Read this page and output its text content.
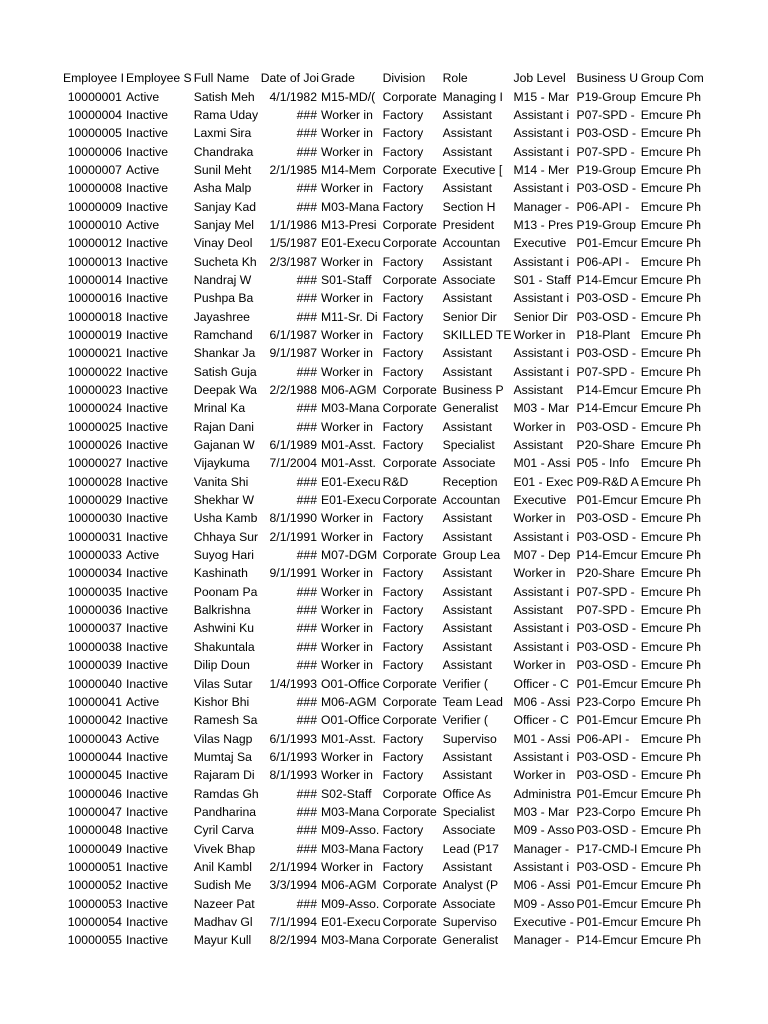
Employee I	Employee S	Full Name	Date of Joi	Grade	Division	Role	Job Level	Business U	Group Com
10000001	Active	Satish Meh	4/1/1982	M15-MD/(	Corporate	Managing I	M15 - Mar	P19-Group	Emcure Ph
10000004	Inactive	Rama Uday	###	Worker in	Factory	Assistant	Assistant i	P07-SPD -	Emcure Ph
10000005	Inactive	Laxmi Sira	###	Worker in	Factory	Assistant	Assistant i	P03-OSD -	Emcure Ph
10000006	Inactive	Chandraka	###	Worker in	Factory	Assistant	Assistant i	P07-SPD -	Emcure Ph
10000007	Active	Sunil Meht	2/1/1985	M14-Mem	Corporate	Executive [	M14 - Mer	P19-Group	Emcure Ph
10000008	Inactive	Asha Malp	###	Worker in	Factory	Assistant	Assistant i	P03-OSD -	Emcure Ph
10000009	Inactive	Sanjay Kad	###	M03-Mana	Factory	Section H	Manager -	P06-API -	Emcure Ph
10000010	Active	Sanjay Mel	1/1/1986	M13-Presi	Corporate	President	M13 - Pres	P19-Group	Emcure Ph
10000012	Inactive	Vinay Deol	1/5/1987	E01-Execu	Corporate	Accountan	Executive	P01-Emcur	Emcure Ph
10000013	Inactive	Sucheta Kh	2/3/1987	Worker in	Factory	Assistant	Assistant i	P06-API -	Emcure Ph
10000014	Inactive	Nandraj W	###	S01-Staff	Corporate	Associate	S01 - Staff	P14-Emcur	Emcure Ph
10000016	Inactive	Pushpa Ba	###	Worker in	Factory	Assistant	Assistant i	P03-OSD -	Emcure Ph
10000018	Inactive	Jayashree	###	M11-Sr. Di	Factory	Senior Dir	Senior Dir	P03-OSD -	Emcure Ph
10000019	Inactive	Ramchand	6/1/1987	Worker in	Factory	SKILLED TE	Worker in	P18-Plant	Emcure Ph
10000021	Inactive	Shankar Ja	9/1/1987	Worker in	Factory	Assistant	Assistant i	P03-OSD -	Emcure Ph
10000022	Inactive	Satish Guja	###	Worker in	Factory	Assistant	Assistant i	P07-SPD -	Emcure Ph
10000023	Inactive	Deepak Wa	2/2/1988	M06-AGM	Corporate	Business P	Assistant	P14-Emcur	Emcure Ph
10000024	Inactive	Mrinal Ka	###	M03-Mana	Corporate	Generalist	M03 - Mar	P14-Emcur	Emcure Ph
10000025	Inactive	Rajan Dani	###	Worker in	Factory	Assistant	Worker in	P03-OSD -	Emcure Ph
10000026	Inactive	Gajanan W	6/1/1989	M01-Asst.	Factory	Specialist	Assistant	P20-Share	Emcure Ph
10000027	Inactive	Vijaykuma	7/1/2004	M01-Asst.	Corporate	Associate	M01 - Assi	P05 - Info	Emcure Ph
10000028	Inactive	Vanita Shi	###	E01-Execu	R&D	Reception	E01 - Exec	P09-R&D A	Emcure Ph
10000029	Inactive	Shekhar W	###	E01-Execu	Corporate	Accountan	Executive	P01-Emcur	Emcure Ph
10000030	Inactive	Usha Kamb	8/1/1990	Worker in	Factory	Assistant	Worker in	P03-OSD -	Emcure Ph
10000031	Inactive	Chhaya Sur	2/1/1991	Worker in	Factory	Assistant	Assistant i	P03-OSD -	Emcure Ph
10000033	Active	Suyog Hari	###	M07-DGM	Corporate	Group Lea	M07 - Dep	P14-Emcur	Emcure Ph
10000034	Inactive	Kashinath	9/1/1991	Worker in	Factory	Assistant	Worker in	P20-Share	Emcure Ph
10000035	Inactive	Poonam Pa	###	Worker in	Factory	Assistant	Assistant i	P07-SPD -	Emcure Ph
10000036	Inactive	Balkrishna	###	Worker in	Factory	Assistant	Assistant	P07-SPD -	Emcure Ph
10000037	Inactive	Ashwini Ku	###	Worker in	Factory	Assistant	Assistant i	P03-OSD -	Emcure Ph
10000038	Inactive	Shakuntala	###	Worker in	Factory	Assistant	Assistant i	P03-OSD -	Emcure Ph
10000039	Inactive	Dilip Doun	###	Worker in	Factory	Assistant	Worker in	P03-OSD -	Emcure Ph
10000040	Inactive	Vilas Sutar	1/4/1993	O01-Office	Corporate	Verifier (	Officer - C	P01-Emcur	Emcure Ph
10000041	Active	Kishor Bhi	###	M06-AGM	Corporate	Team Lead	M06 - Assi	P23-Corpo	Emcure Ph
10000042	Inactive	Ramesh Sa	###	O01-Office	Corporate	Verifier (	Officer - C	P01-Emcur	Emcure Ph
10000043	Active	Vilas Nagp	6/1/1993	M01-Asst.	Factory	Superviso	M01 - Assi	P06-API -	Emcure Ph
10000044	Inactive	Mumtaj Sa	6/1/1993	Worker in	Factory	Assistant	Assistant i	P03-OSD -	Emcure Ph
10000045	Inactive	Rajaram Di	8/1/1993	Worker in	Factory	Assistant	Worker in	P03-OSD -	Emcure Ph
10000046	Inactive	Ramdas Gh	###	S02-Staff	Corporate	Office As	Administra	P01-Emcur	Emcure Ph
10000047	Inactive	Pandharina	###	M03-Mana	Corporate	Specialist	M03 - Mar	P23-Corpo	Emcure Ph
10000048	Inactive	Cyril Carva	###	M09-Asso.	Factory	Associate	M09 - Asso	P03-OSD -	Emcure Ph
10000049	Inactive	Vivek Bhap	###	M03-Mana	Factory	Lead (P17	Manager -	P17-CMD-I	Emcure Ph
10000051	Inactive	Anil Kambl	2/1/1994	Worker in	Factory	Assistant	Assistant i	P03-OSD -	Emcure Ph
10000052	Inactive	Sudish Me	3/3/1994	M06-AGM	Corporate	Analyst (P	M06 - Assi	P01-Emcur	Emcure Ph
10000053	Inactive	Nazeer Pat	###	M09-Asso.	Corporate	Associate	M09 - Asso	P01-Emcur	Emcure Ph
10000054	Inactive	Madhav Gl	7/1/1994	E01-Execu	Corporate	Superviso	Executive -	P01-Emcur	Emcure Ph
10000055	Inactive	Mayur Kull	8/2/1994	M03-Mana	Corporate	Generalist	Manager -	P14-Emcur	Emcure Ph
